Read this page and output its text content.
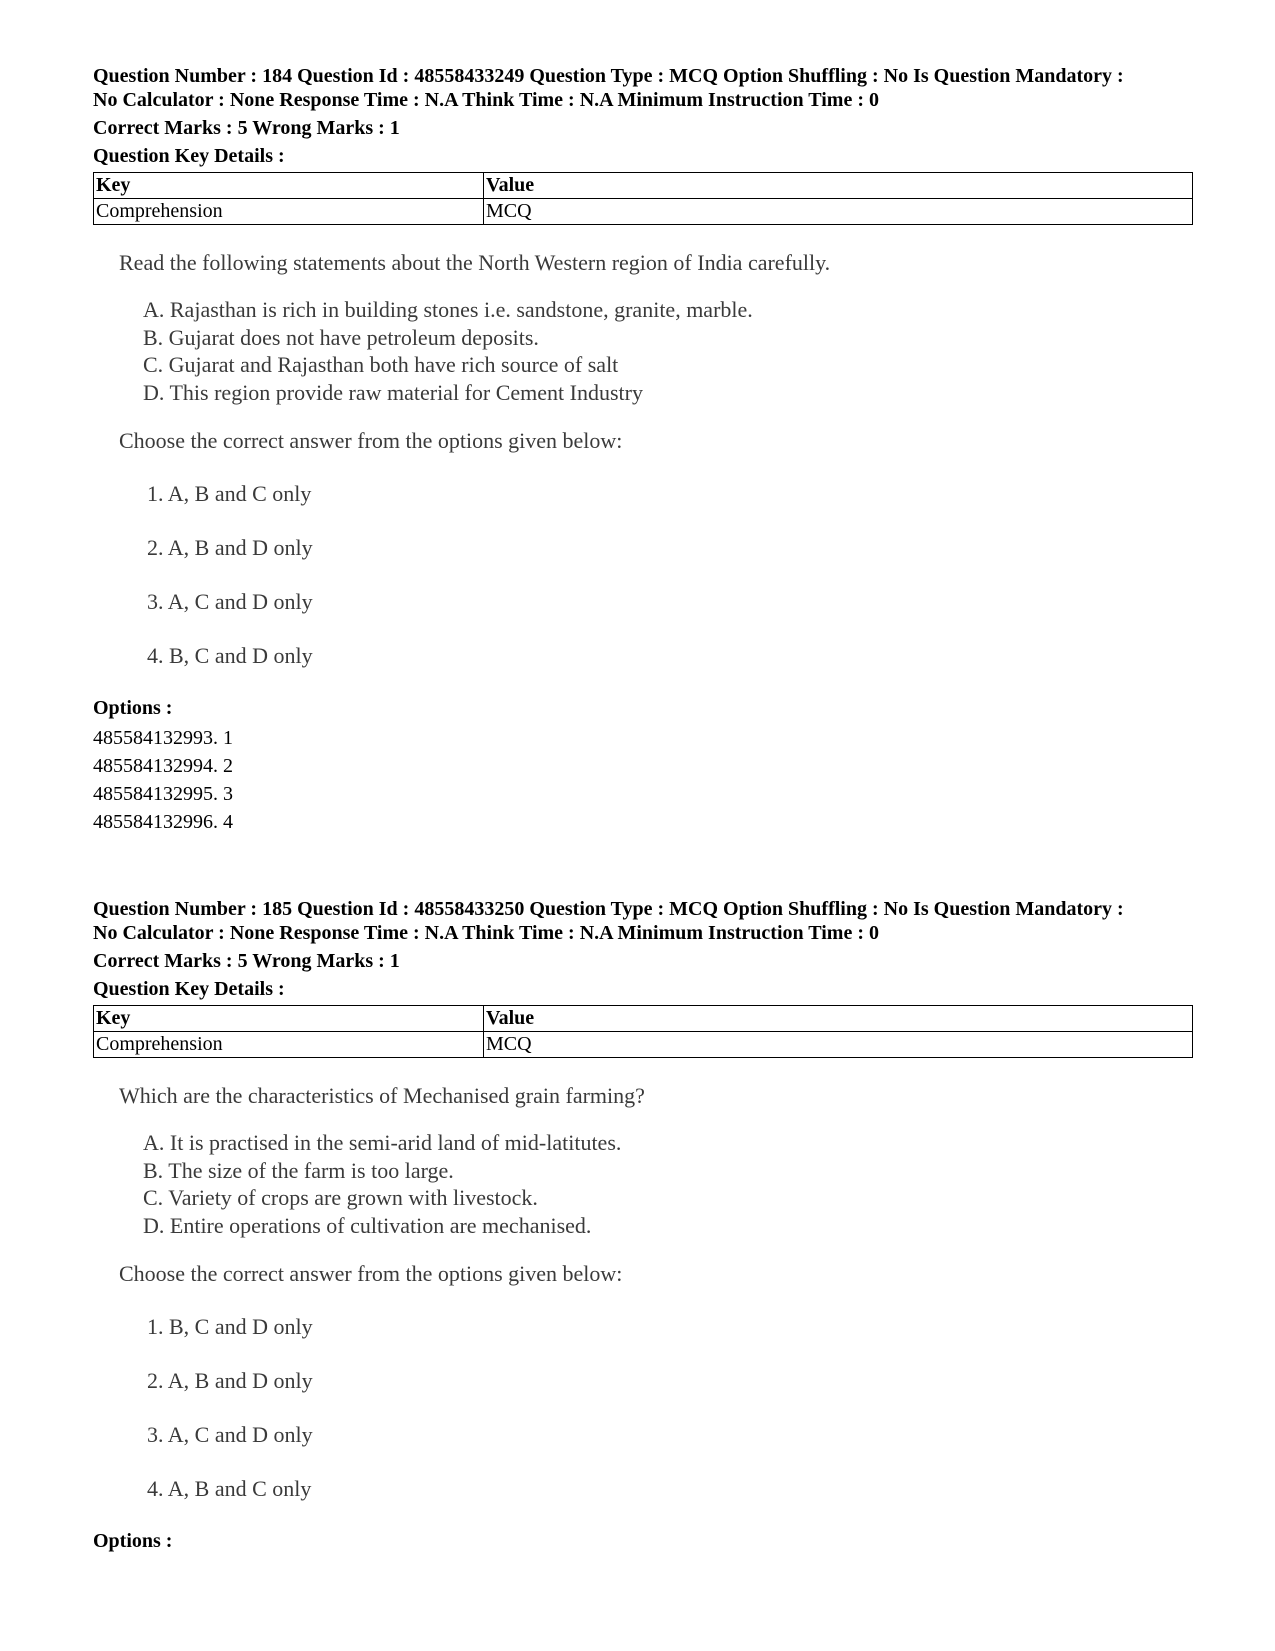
Question Number : 184 Question Id : 48558433249 Question Type : MCQ Option Shuffling : No Is Question Mandatory :
No Calculator : None Response Time : N.A Think Time : N.A Minimum Instruction Time : 0
Correct Marks : 5 Wrong Marks : 1
Question Key Details :
Key	Value
Comprehension	MCQ
Read the following statements about the North Western region of India carefully.
A. Rajasthan is rich in building stones i.e. sandstone, granite, marble.
B. Gujarat does not have petroleum deposits.
C. Gujarat and Rajasthan both have rich source of salt
D. This region provide raw material for Cement Industry
Choose the correct answer from the options given below:
1. A, B and C only
2. A, B and D only
3. A, C and D only
4. B, C and D only
Options :
485584132993. 1
485584132994. 2
485584132995. 3
485584132996. 4
Question Number : 185 Question Id : 48558433250 Question Type : MCQ Option Shuffling : No Is Question Mandatory :
No Calculator : None Response Time : N.A Think Time : N.A Minimum Instruction Time : 0
Correct Marks : 5 Wrong Marks : 1
Question Key Details :
Key	Value
Comprehension	MCQ
Which are the characteristics of Mechanised grain farming?
A. It is practised in the semi-arid land of mid-latitutes.
B. The size of the farm is too large.
C. Variety of crops are grown with livestock.
D. Entire operations of cultivation are mechanised.
Choose the correct answer from the options given below:
1. B, C and D only
2. A, B and D only
3. A, C and D only
4. A, B and C only
Options :
